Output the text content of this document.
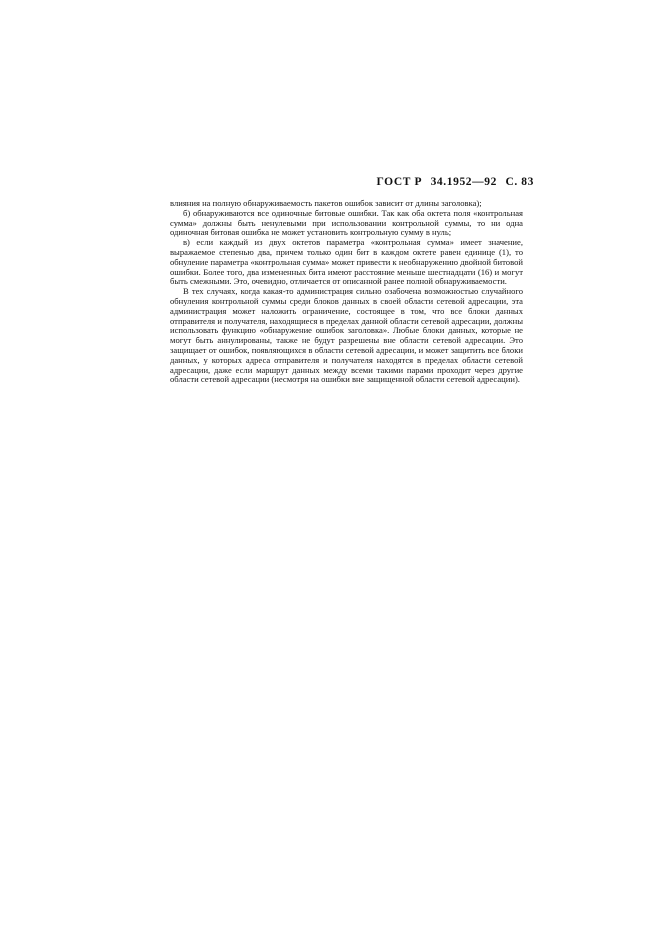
ГОСТ Р 34.1952—92 С. 83

влияния на полную обнаруживаемость пакетов ошибок зависит от длины заголовка);

б) обнаруживаются все одиночные битовые ошибки. Так как оба октета поля «контрольная сумма» должны быть ненулевыми при использовании контрольной суммы, то ни одна одиночная битовая ошибка не может установить контрольную сумму в нуль;

в) если каждый из двух октетов параметра «контрольная сумма» имеет значение, выражаемое степенью два, причем только один бит в каждом октете равен единице (1), то обнуление параметра «контрольная сумма» может привести к необнаружению двойной битовой ошибки. Более того, два измененных бита имеют расстояние меньше шестнадцати (16) и могут быть смежными. Это, очевидно, отличается от описанной ранее полной обнаруживаемости.

В тех случаях, когда какая-то администрация сильно озабочена возможностью случайного обнуления контрольной суммы среди блоков данных в своей области сетевой адресации, эта администрация может наложить ограничение, состоящее в том, что все блоки данных отправителя и получателя, находящиеся в пределах данной области сетевой адресации, должны использовать функцию «обнаружение ошибок заголовка». Любые блоки данных, которые не могут быть аннулированы, также не будут разрешены вне области сетевой адресации. Это защищает от ошибок, появляющихся в области сетевой адресации, и может защитить все блоки данных, у которых адреса отправителя и получателя находятся в пределах области сетевой адресации, даже если маршрут данных между всеми такими парами проходит через другие области сетевой адресации (несмотря на ошибки вне защищенной области сетевой адресации).
